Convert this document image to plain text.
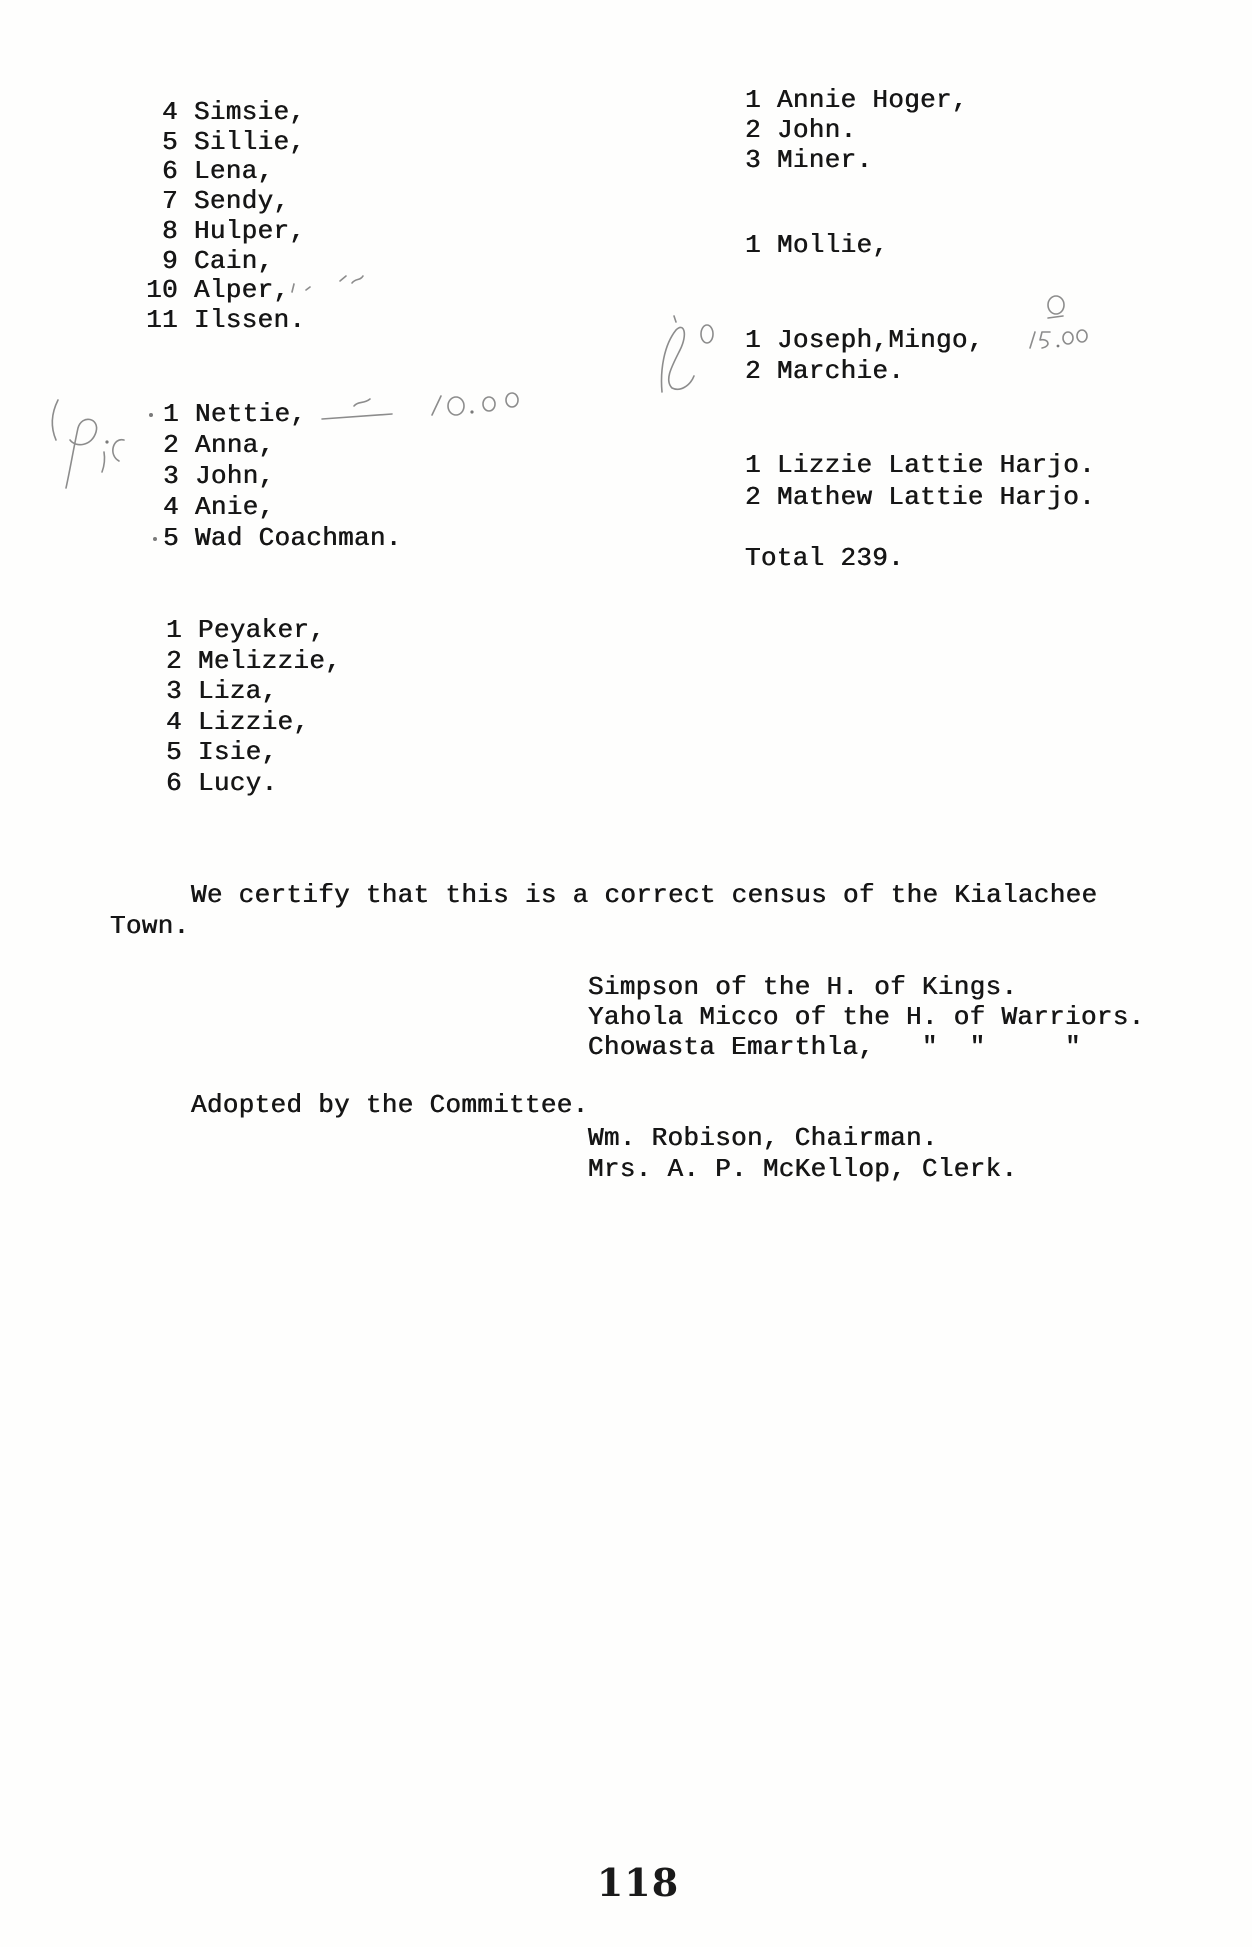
4 Simsie,
5 Sillie,
6 Lena,
7 Sendy,
8 Hulper,
9 Cain,
10 Alper,
11 Ilssen.
1 Nettie,
2 Anna,
3 John,
4 Anie,
5 Wad Coachman.
1 Peyaker,
2 Melizzie,
3 Liza,
4 Lizzie,
5 Isie,
6 Lucy.
1 Annie Hoger,
2 John.
3 Miner.
1 Mollie,
1 Joseph,Mingo,
2 Marchie.
1 Lizzie Lattie Harjo.
2 Mathew Lattie Harjo.
Total 239.
We certify that this is a correct census of the Kialachee
Town.
Simpson of the H. of Kings.
Yahola Micco of the H. of Warriors.
Chowasta Emarthla,   "  "     "
Adopted by the Committee.
Wm. Robison, Chairman.
Mrs. A. P. McKellop, Clerk.
118
